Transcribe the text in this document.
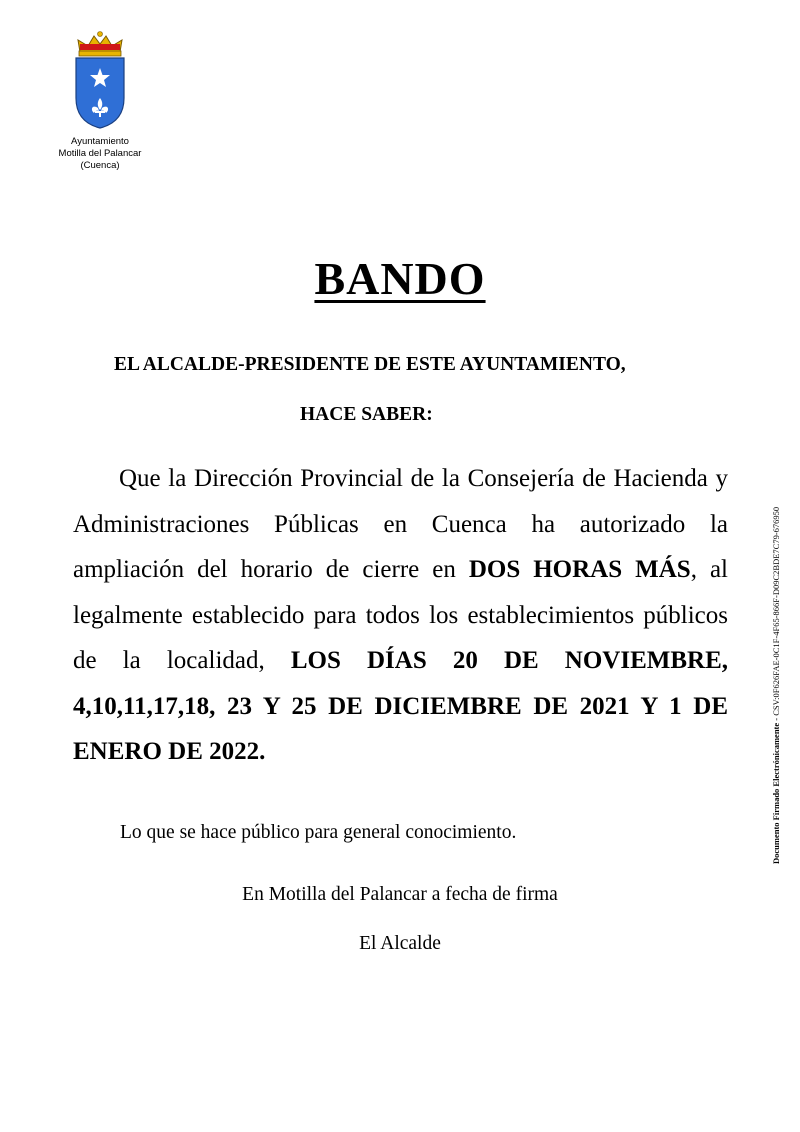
Ayuntamiento
Motilla del Palancar
(Cuenca)
BANDO
EL ALCALDE-PRESIDENTE DE ESTE AYUNTAMIENTO,
HACE SABER:
Que la Dirección Provincial de la Consejería de Hacienda y Administraciones Públicas en Cuenca ha autorizado la ampliación del horario de cierre en DOS HORAS MÁS, al legalmente establecido para todos los establecimientos públicos de la localidad, LOS DÍAS 20 DE NOVIEMBRE, 4,10,11,17,18, 23 Y 25 DE DICIEMBRE DE 2021 Y 1 DE ENERO DE 2022.
Lo que se hace público para general conocimiento.
En Motilla del Palancar a fecha de firma
El Alcalde
Documento Firmado Electrónicamente - CSV:0F626FAE-0C1F-4F65-866F-D09C2BDE7C79-676950
